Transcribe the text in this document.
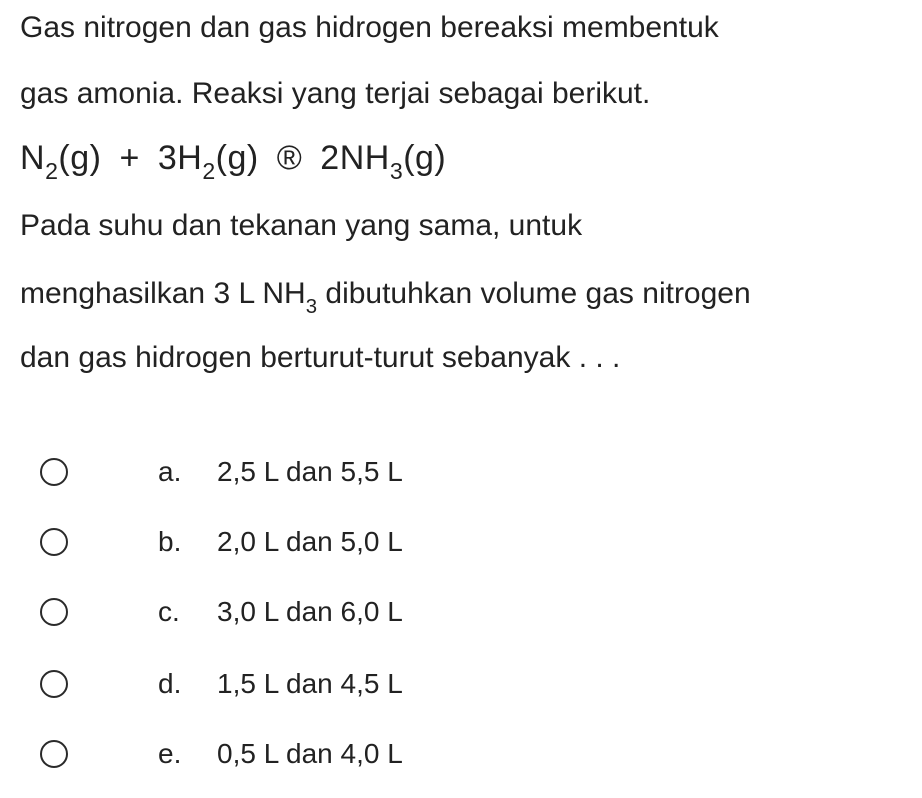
Gas nitrogen dan gas hidrogen bereaksi membentuk
gas amonia. Reaksi yang terjai sebagai berikut.
$N_2(g) + 3H_2(g)$ ® $2NH_3(g)$
Pada suhu dan tekanan yang sama, untuk
menghasilkan 3 L $NH_3$ dibutuhkan volume gas nitrogen
dan gas hidrogen berturut-turut sebanyak . . .
a. 2,5 L dan 5,5 L
b. 2,0 L dan 5,0 L
c. 3,0 L dan 6,0 L
d. 1,5 L dan 4,5 L
e. 0,5 L dan 4,0 L
